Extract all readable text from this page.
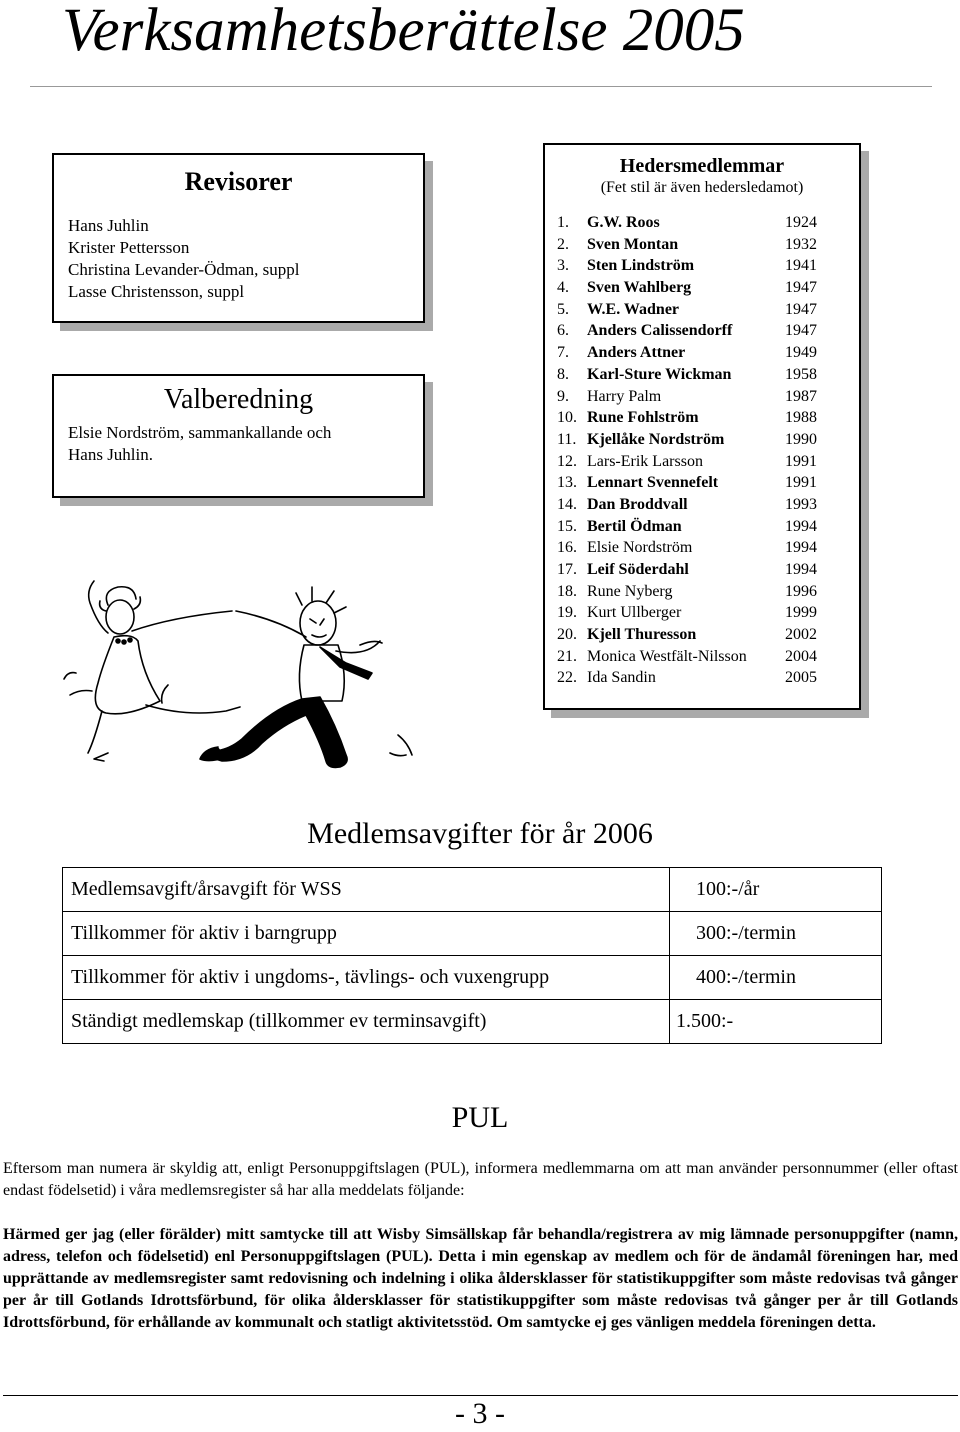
Verksamhetsberättelse 2005
Revisorer
Hans Juhlin
Krister Pettersson
Christina Levander-Ödman, suppl
Lasse Christensson, suppl
Valberedning
Elsie Nordström, sammankallande och
Hans Juhlin.
Hedersmedlemmar
(Fet stil är även hedersledamot)
1. G.W. Roos	1924
2. Sven Montan	1932
3. Sten Lindström	1941
4. Sven Wahlberg	1947
5. W.E. Wadner	1947
6. Anders Calissendorff	1947
7. Anders Attner	1949
8. Karl-Sture Wickman	1958
9. Harry Palm	1987
10. Rune Fohlström	1988
11. Kjellåke Nordström	1990
12. Lars-Erik Larsson	1991
13. Lennart Svennefelt	1991
14. Dan Broddvall	1993
15. Bertil Ödman	1994
16. Elsie Nordström	1994
17. Leif Söderdahl	1994
18. Rune Nyberg	1996
19. Kurt Ullberger	1999
20. Kjell Thuresson	2002
21. Monica Westfält-Nilsson 2004
22. Ida Sandin	2005
Medlemsavgifter för år 2006
Medlemsavgift/årsavgift för WSS	100:-/år
Tillkommer för aktiv i barngrupp	300:-/termin
Tillkommer för aktiv i ungdoms-, tävlings- och vuxengrupp	400:-/termin
Ständigt medlemskap (tillkommer ev terminsavgift)	1.500:-
PUL
Eftersom man numera är skyldig att, enligt Personuppgiftslagen (PUL), informera medlemmarna om att man använder personnummer (eller oftast endast födelsetid) i våra medlemsregister så har alla meddelats följande:
Härmed ger jag (eller förälder) mitt samtycke till att Wisby Simsällskap får behandla/registrera av mig lämnade personuppgifter (namn, adress, telefon och födelsetid) enl Personuppgiftslagen (PUL). Detta i min egenskap av medlem och för de ändamål föreningen har, med upprättande av medlemsregister samt redovisning och indelning i olika åldersklasser för statistikuppgifter som måste redovisas två gånger per år till Gotlands Idrottsförbund, för olika åldersklasser för statistikuppgifter som måste redovisas två gånger per år till Gotlands Idrottsförbund, för erhållande av kommunalt och statligt aktivitetsstöd. Om samtycke ej ges vänligen meddela föreningen detta.
- 3 -
